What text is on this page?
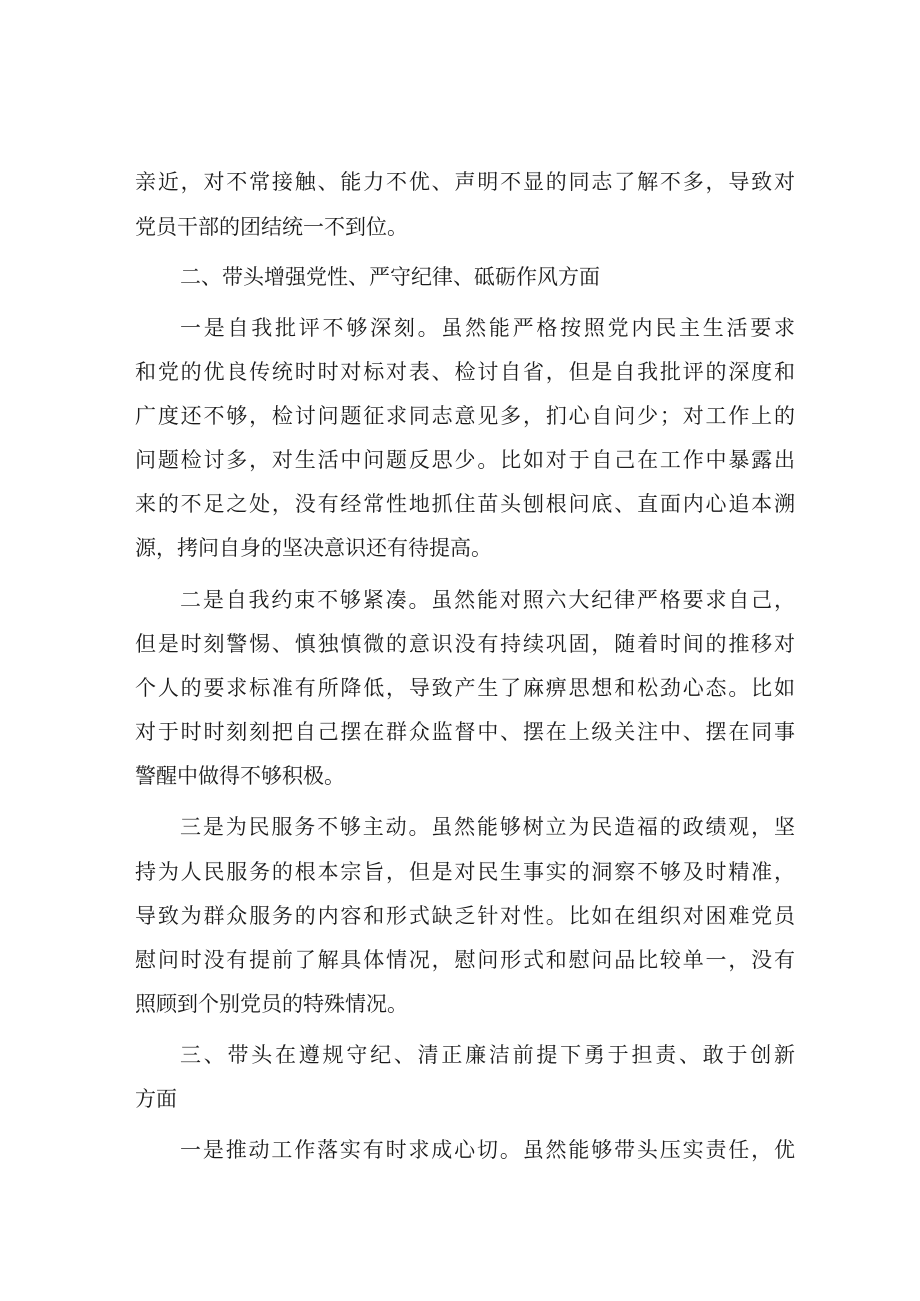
亲近，对不常接触、能力不优、声明不显的同志了解不多，导致对
党员干部的团结统一不到位。
二、带头增强党性、严守纪律、砥砺作风方面
一是自我批评不够深刻。虽然能严格按照党内民主生活要求
和党的优良传统时时对标对表、检讨自省，但是自我批评的深度和
广度还不够，检讨问题征求同志意见多，扪心自问少；对工作上的
问题检讨多，对生活中问题反思少。比如对于自己在工作中暴露出
来的不足之处，没有经常性地抓住苗头刨根问底、直面内心追本溯
源，拷问自身的坚决意识还有待提高。
二是自我约束不够紧凑。虽然能对照六大纪律严格要求自己，
但是时刻警惕、慎独慎微的意识没有持续巩固，随着时间的推移对
个人的要求标准有所降低，导致产生了麻痹思想和松劲心态。比如
对于时时刻刻把自己摆在群众监督中、摆在上级关注中、摆在同事
警醒中做得不够积极。
三是为民服务不够主动。虽然能够树立为民造福的政绩观，坚
持为人民服务的根本宗旨，但是对民生事实的洞察不够及时精准，
导致为群众服务的内容和形式缺乏针对性。比如在组织对困难党员
慰问时没有提前了解具体情况，慰问形式和慰问品比较单一，没有
照顾到个别党员的特殊情况。
三、带头在遵规守纪、清正廉洁前提下勇于担责、敢于创新
方面
一是推动工作落实有时求成心切。虽然能够带头压实责任，优
